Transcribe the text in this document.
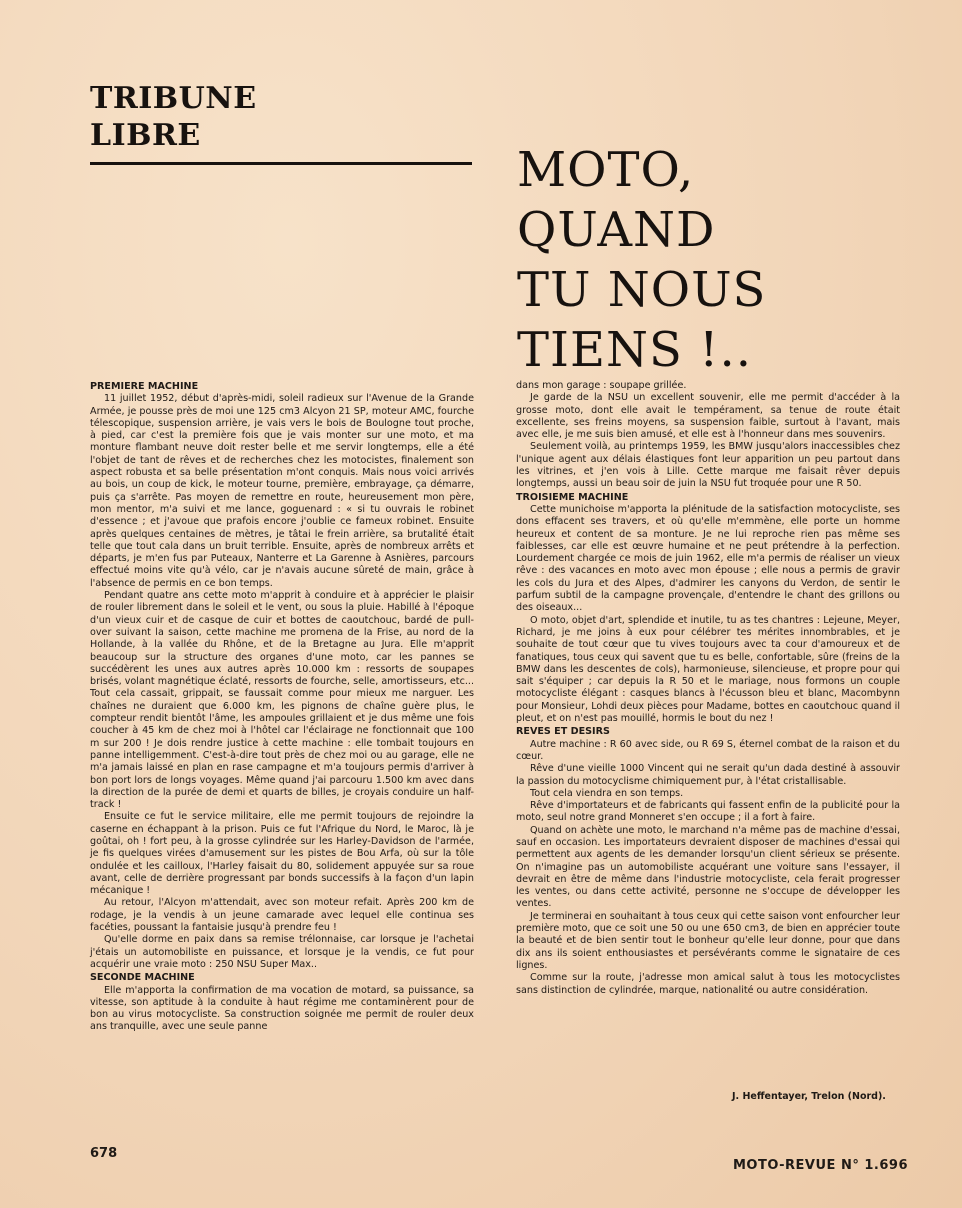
TRIBUNE
LIBRE
MOTO,
QUAND
TU NOUS
TIENS !..
PREMIERE MACHINE

11 juillet 1952, début d'après-midi, soleil radieux sur l'Avenue de la Grande Armée, je pousse près de moi une 125 cm3 Alcyon 21 SP, moteur AMC, fourche télescopique, suspension arrière, je vais vers le bois de Boulogne tout proche, à pied, car c'est la première fois que je vais monter sur une moto, et ma monture flambant neuve doit rester belle et me servir longtemps, elle a été l'objet de tant de rêves et de recherches chez les motocistes, finalement son aspect robusta et sa belle présentation m'ont conquis. Mais nous voici arrivés au bois, un coup de kick, le moteur tourne, première, embrayage, ça démarre, puis ça s'arrête. Pas moyen de remettre en route, heureusement mon père, mon mentor, m'a suivi et me lance, goguenard : « si tu ouvrais le robinet d'essence ; et j'avoue que prafois encore j'oublie ce fameux robinet. Ensuite après quelques centaines de mètres, je tâtai le frein arrière, sa brutalité était telle que tout cala dans un bruit terrible. Ensuite, après de nombreux arrêts et départs, je m'en fus par Puteaux, Nanterre et La Garenne à Asnières, parcours effectué moins vite qu'à vélo, car je n'avais aucune sûreté de main, grâce à l'absence de permis en ce bon temps.

Pendant quatre ans cette moto m'apprit à conduire et à apprécier le plaisir de rouler librement dans le soleil et le vent, ou sous la pluie. Habillé à l'époque d'un vieux cuir et de casque de cuir et bottes de caoutchouc, bardé de pull-over suivant la saison, cette machine me promena de la Frise, au nord de la Hollande, à la vallée du Rhône, et de la Bretagne au Jura. Elle m'apprit beaucoup sur la structure des organes d'une moto, car les pannes se succédèrent les unes aux autres après 10.000 km : ressorts de soupapes brisés, volant magnétique éclaté, ressorts de fourche, selle, amortisseurs, etc... Tout cela cassait, grippait, se faussait comme pour mieux me narguer. Les chaînes ne duraient que 6.000 km, les pignons de chaîne guère plus, le compteur rendit bientôt l'âme, les ampoules grillaient et je dus même une fois coucher à 45 km de chez moi à l'hôtel car l'éclairage ne fonctionnait que 100 m sur 200 ! Je dois rendre justice à cette machine : elle tombait toujours en panne intelligemment. C'est-à-dire tout près de chez moi ou au garage, elle ne m'a jamais laissé en plan en rase campagne et m'a toujours permis d'arriver à bon port lors de longs voyages. Même quand j'ai parcouru 1.500 km avec dans la direction de la purée de demi et quarts de billes, je croyais conduire un half-track !

Ensuite ce fut le service militaire, elle me permit toujours de rejoindre la caserne en échappant à la prison. Puis ce fut l'Afrique du Nord, le Maroc, là je goûtai, oh ! fort peu, à la grosse cylindrée sur les Harley-Davidson de l'armée, je fis quelques virées d'amusement sur les pistes de Bou Arfa, où sur la tôle ondulée et les cailloux, l'Harley faisait du 80, solidement appuyée sur sa roue avant, celle de derrière progressant par bonds successifs à la façon d'un lapin mécanique !

Au retour, l'Alcyon m'attendait, avec son moteur refait. Après 200 km de rodage, je la vendis à un jeune camarade avec lequel elle continua ses facéties, poussant la fantaisie jusqu'à prendre feu !

Qu'elle dorme en paix dans sa remise trélonnaise, car lorsque je l'achetai j'étais un automobiliste en puissance, et lorsque je la vendis, ce fut pour acquérir une vraie moto : 250 NSU Super Max..

SECONDE MACHINE

Elle m'apporta la confirmation de ma vocation de motard, sa puissance, sa vitesse, son aptitude à la conduite à haut régime me contaminèrent pour de bon au virus motocycliste. Sa construction soignée me permit de rouler deux ans tranquille, avec une seule panne

dans mon garage : soupape grillée.

Je garde de la NSU un excellent souvenir, elle me permit d'accéder à la grosse moto, dont elle avait le tempérament, sa tenue de route était excellente, ses freins moyens, sa suspension faible, surtout à l'avant, mais avec elle, je me suis bien amusé, et elle est à l'honneur dans mes souvenirs.

Seulement voilà, au printemps 1959, les BMW jusqu'alors inaccessibles chez l'unique agent aux délais élastiques font leur apparition un peu partout dans les vitrines, et j'en vois à Lille. Cette marque me faisait rêver depuis longtemps, aussi un beau soir de juin la NSU fut troquée pour une R 50.

TROISIEME MACHINE

Cette munichoise m'apporta la plénitude de la satisfaction motocycliste, ses dons effacent ses travers, et où qu'elle m'emmène, elle porte un homme heureux et content de sa monture. Je ne lui reproche rien pas même ses faiblesses, car elle est œuvre humaine et ne peut prétendre à la perfection. Lourdement chargée ce mois de juin 1962, elle m'a permis de réaliser un vieux rêve : des vacances en moto avec mon épouse ; elle nous a permis de gravir les cols du Jura et des Alpes, d'admirer les canyons du Verdon, de sentir le parfum subtil de la campagne provençale, d'entendre le chant des grillons ou des oiseaux...

O moto, objet d'art, splendide et inutile, tu as tes chantres : Lejeune, Meyer, Richard, je me joins à eux pour célébrer tes mérites innombrables, et je souhaite de tout cœur que tu vives toujours avec ta cour d'amoureux et de fanatiques, tous ceux qui savent que tu es belle, confortable, sûre (freins de la BMW dans les descentes de cols), harmonieuse, silencieuse, et propre pour qui sait s'équiper ; car depuis la R 50 et le mariage, nous formons un couple motocycliste élégant : casques blancs à l'écusson bleu et blanc, Macombynn pour Monsieur, Lohdi deux pièces pour Madame, bottes en caoutchouc quand il pleut, et on n'est pas mouillé, hormis le bout du nez !

REVES ET DESIRS

Autre machine : R 60 avec side, ou R 69 S, éternel combat de la raison et du cœur.

Rêve d'une vieille 1000 Vincent qui ne serait qu'un dada destiné à assouvir la passion du motocyclisme chimiquement pur, à l'état cristallisable.

Tout cela viendra en son temps.

Rêve d'importateurs et de fabricants qui fassent enfin de la publicité pour la moto, seul notre grand Monneret s'en occupe ; il a fort à faire.

Quand on achète une moto, le marchand n'a même pas de machine d'essai, sauf en occasion. Les importateurs devraient disposer de machines d'essai qui permettent aux agents de les demander lorsqu'un client sérieux se présente. On n'imagine pas un automobiliste acquérant une voiture sans l'essayer, il devrait en être de même dans l'industrie motocycliste, cela ferait progresser les ventes, ou dans cette activité, personne ne s'occupe de développer les ventes.

Je terminerai en souhaitant à tous ceux qui cette saison vont enfourcher leur première moto, que ce soit une 50 ou une 650 cm3, de bien en apprécier toute la beauté et de bien sentir tout le bonheur qu'elle leur donne, pour que dans dix ans ils soient enthousiastes et persévérants comme le signataire de ces lignes.

Comme sur la route, j'adresse mon amical salut à tous les motocyclistes sans distinction de cylindrée, marque, nationalité ou autre considération.

J. Heffentayer, Trelon (Nord).
678
MOTO-REVUE N° 1.696
